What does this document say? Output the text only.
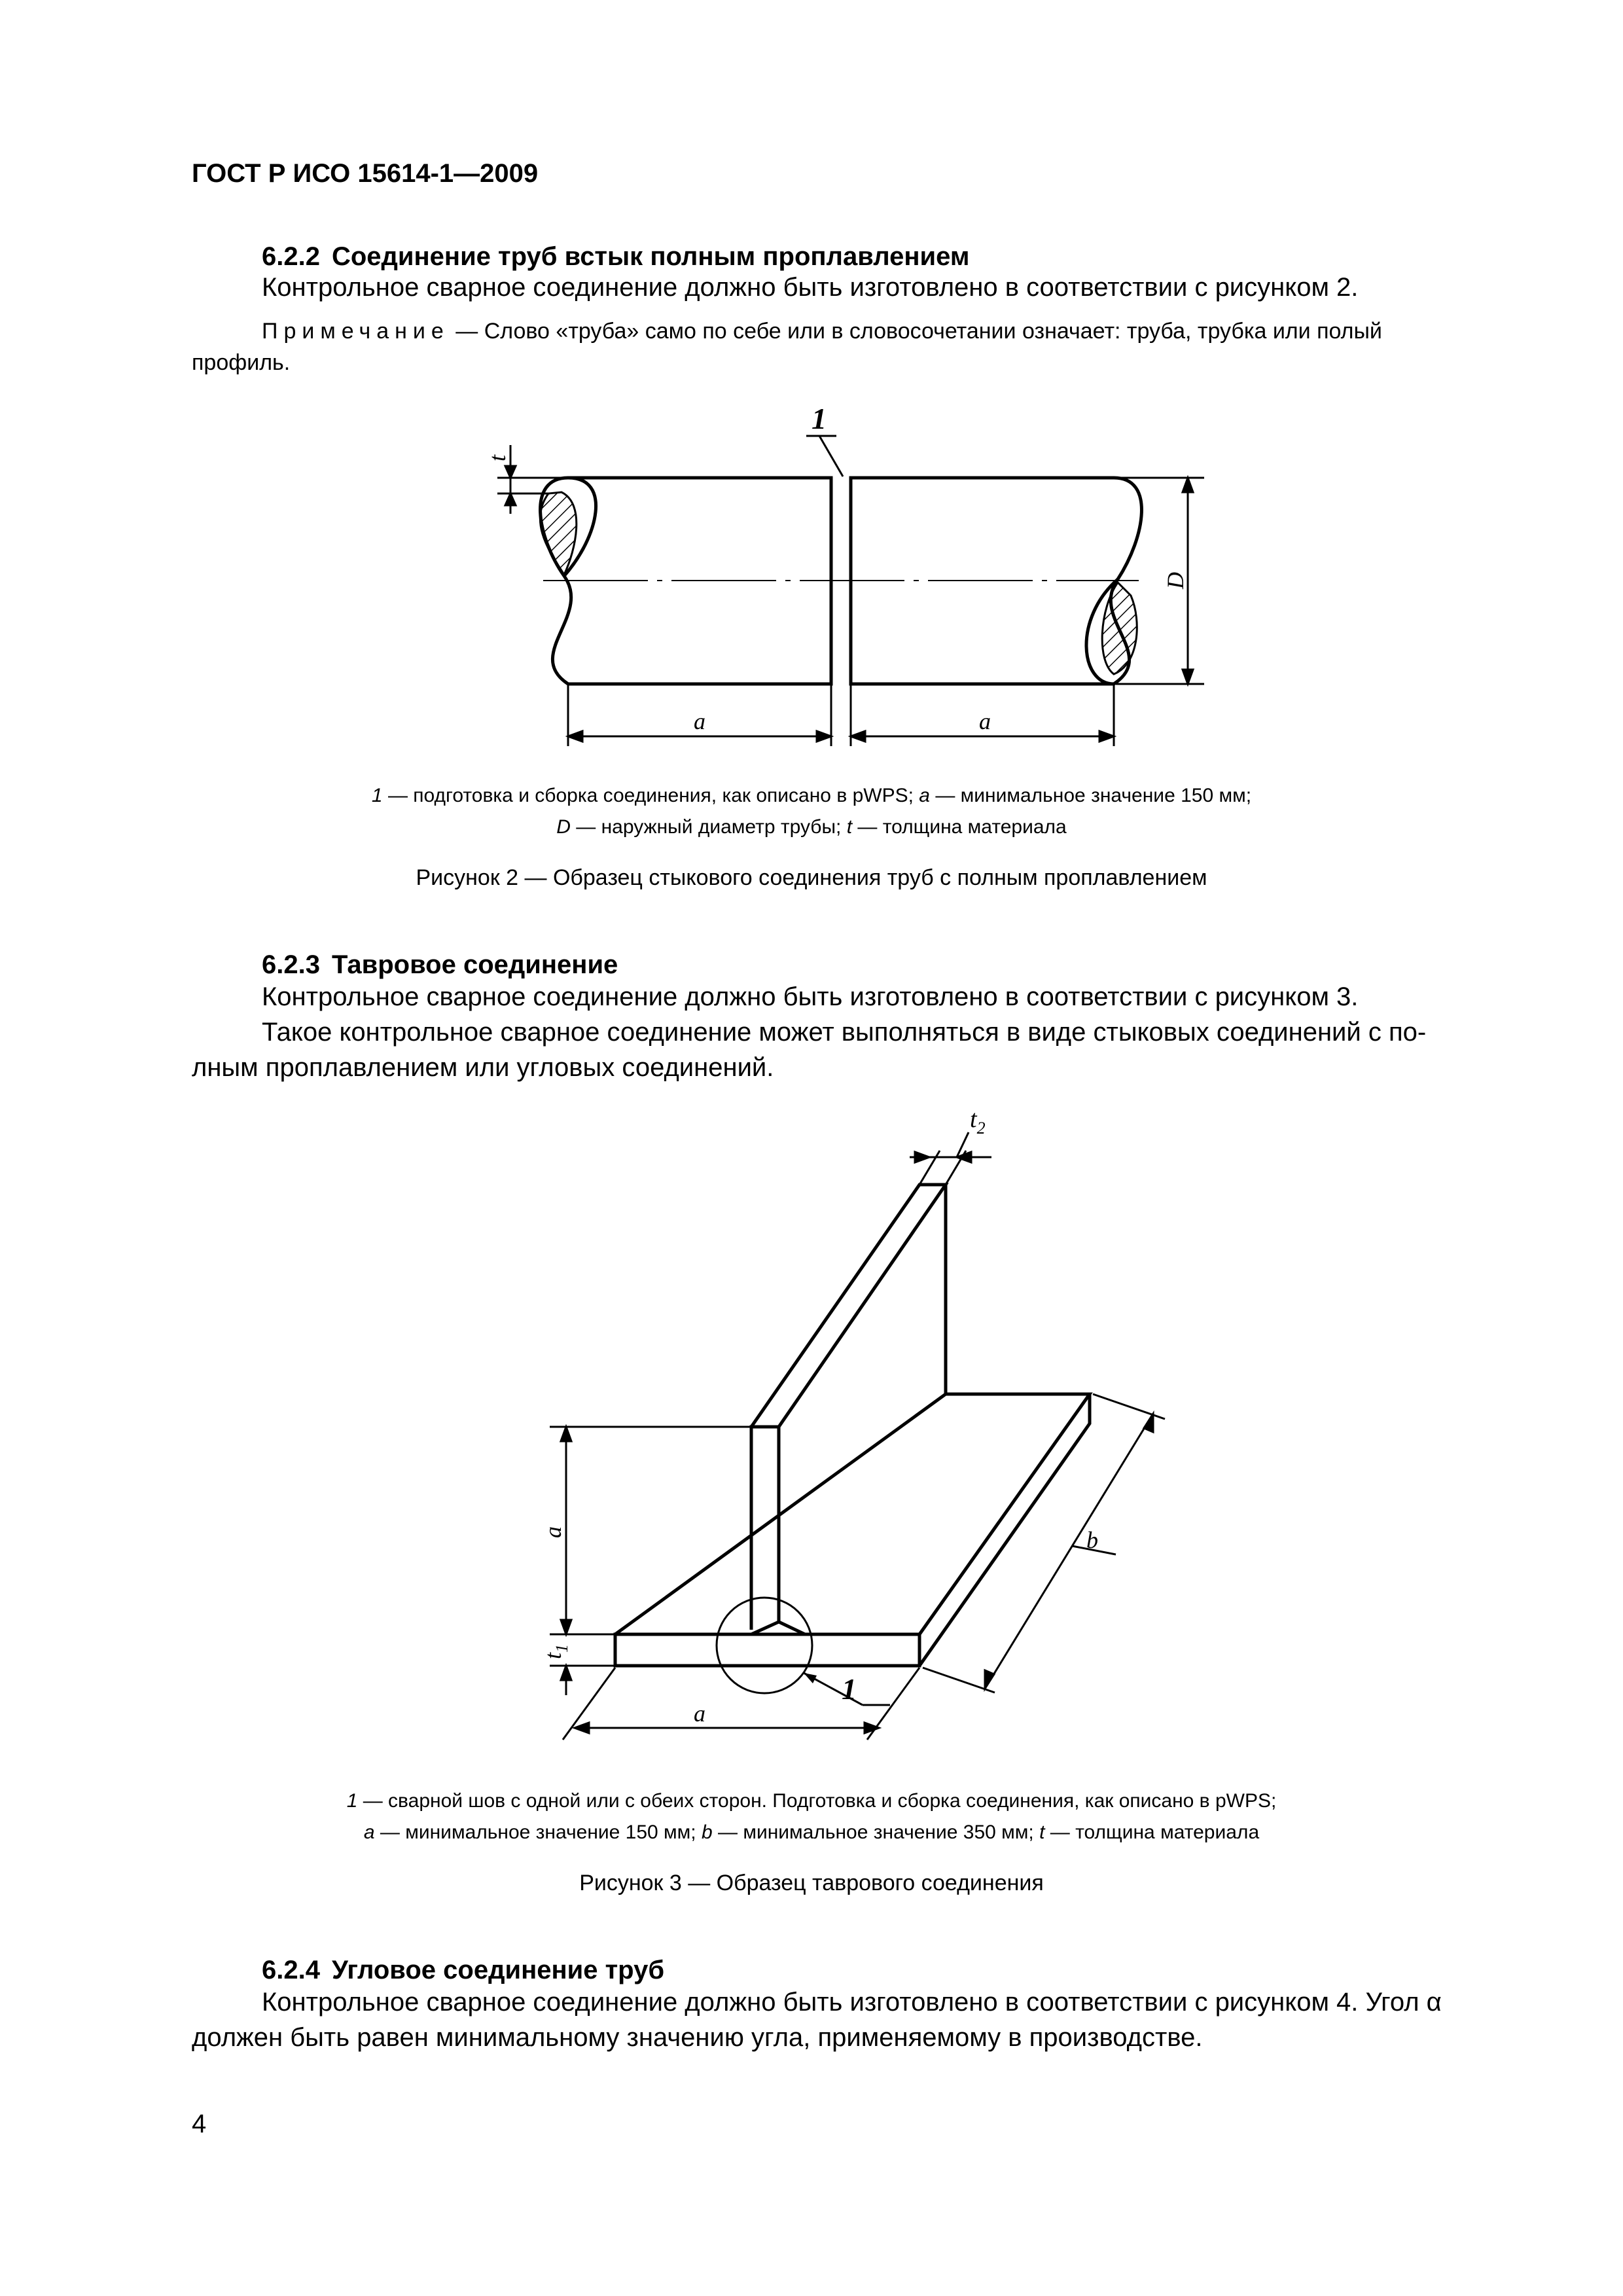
ГОСТ Р ИСО 15614-1—2009
6.2.2 Соединение труб встык полным проплавлением
Контрольное сварное соединение должно быть изготовлено в соответствии с рисунком 2.
Примечание — Слово «труба» само по себе или в словосочетании означает: труба, трубка или полый
профиль.
1
t
D
a	a
1 — подготовка и сборка соединения, как описано в pWPS; a — минимальное значение 150 мм;
D — наружный диаметр трубы; t — толщина материала
Рисунок 2 — Образец стыкового соединения труб с полным проплавлением
6.2.3 Тавровое соединение
Контрольное сварное соединение должно быть изготовлено в соответствии с рисунком 3.
Такое контрольное сварное соединение может выполняться в виде стыковых соединений с по-
лным проплавлением или угловых соединений.
1
$t_2$
a
$t_1$
b
a
1 — сварной шов с одной или с обеих сторон. Подготовка и сборка соединения, как описано в pWPS;
a — минимальное значение 150 мм; b — минимальное значение 350 мм; t — толщина материала
Рисунок 3 — Образец таврового соединения
6.2.4 Угловое соединение труб
Контрольное сварное соединение должно быть изготовлено в соответствии с рисунком 4. Угол α
должен быть равен минимальному значению угла, применяемому в производстве.
4
